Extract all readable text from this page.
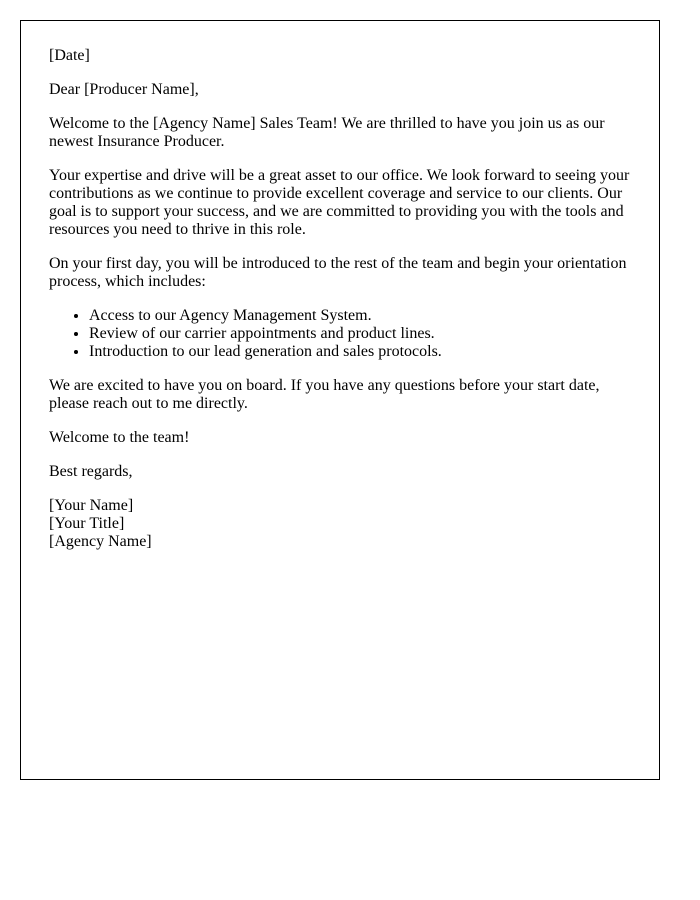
[Date]

Dear [Producer Name],

Welcome to the [Agency Name] Sales Team! We are thrilled to have you join us as our newest Insurance Producer.

Your expertise and drive will be a great asset to our office. We look forward to seeing your contributions as we continue to provide excellent coverage and service to our clients. Our goal is to support your success, and we are committed to providing you with the tools and resources you need to thrive in this role.

On your first day, you will be introduced to the rest of the team and begin your orientation process, which includes:

• Access to our Agency Management System.
• Review of our carrier appointments and product lines.
• Introduction to our lead generation and sales protocols.

We are excited to have you on board. If you have any questions before your start date, please reach out to me directly.

Welcome to the team!

Best regards,

[Your Name]
[Your Title]
[Agency Name]
